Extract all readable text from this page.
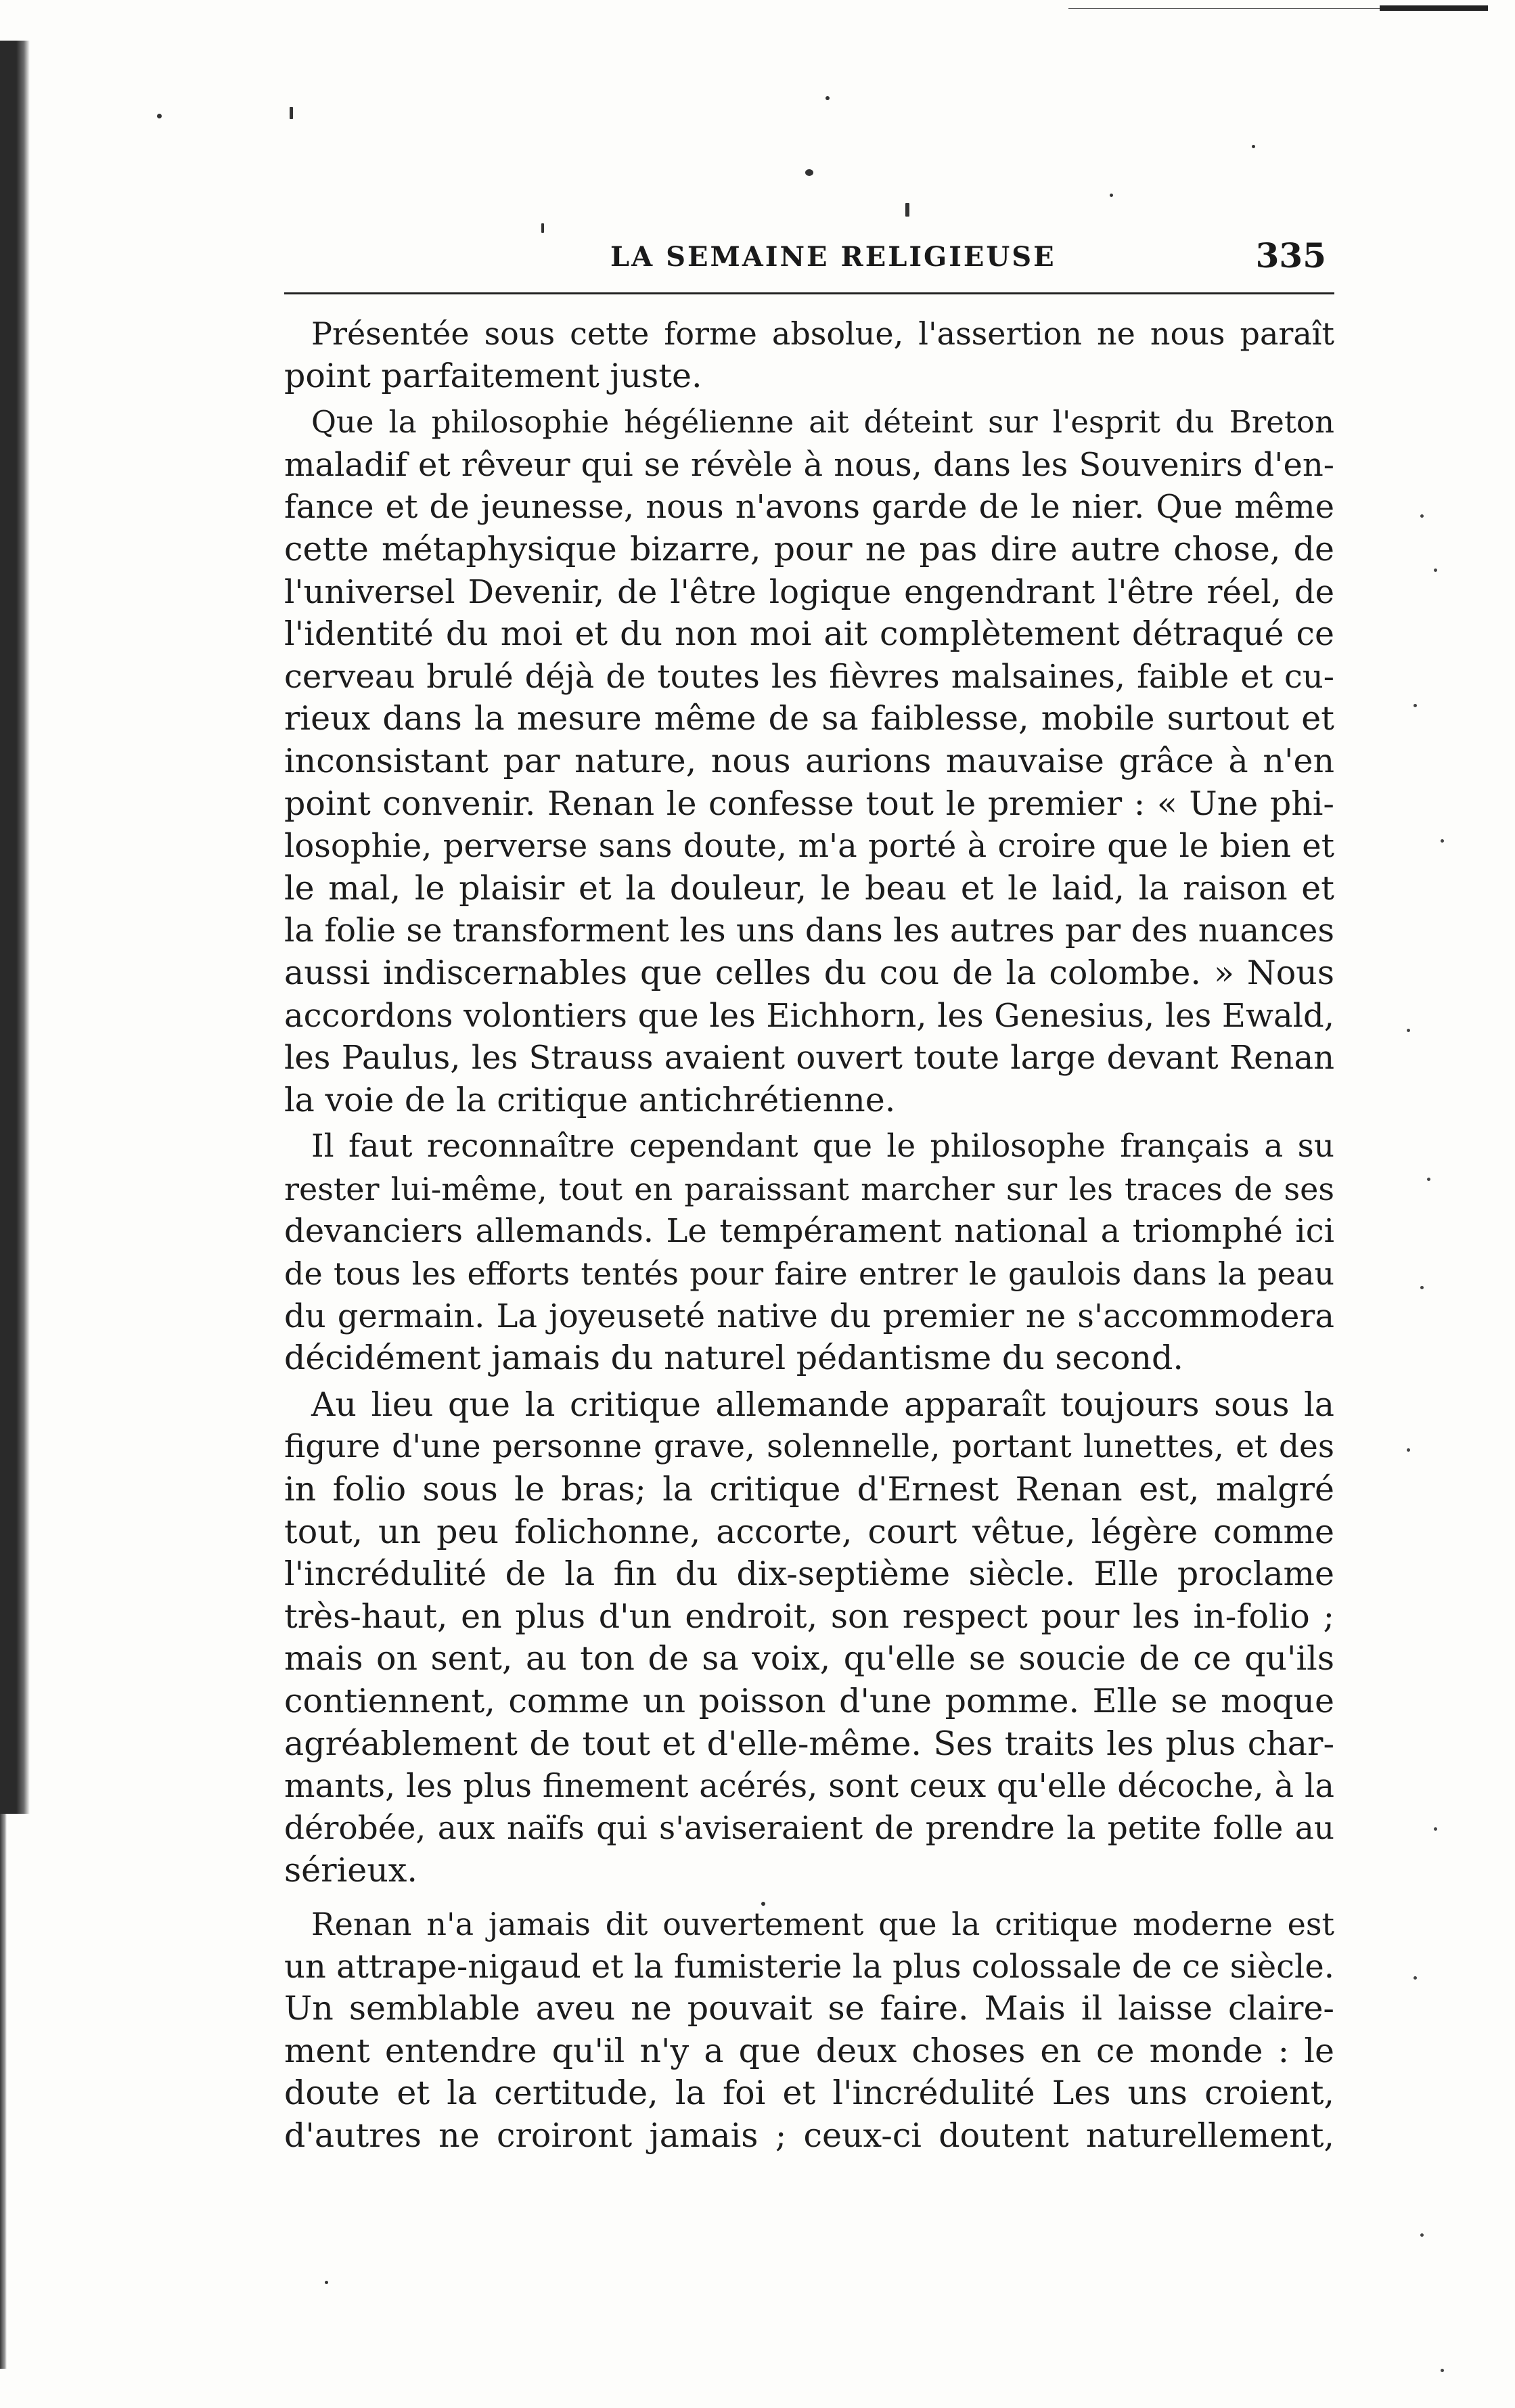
LA SEMAINE RELIGIEUSE	335
Présentée sous cette forme absolue, l'assertion ne nous paraît
point parfaitement juste.
Que la philosophie hégélienne ait déteint sur l'esprit du Breton
maladif et rêveur qui se révèle à nous, dans les Souvenirs d'en-
fance et de jeunesse, nous n'avons garde de le nier. Que même
cette métaphysique bizarre, pour ne pas dire autre chose, de
l'universel Devenir, de l'être logique engendrant l'être réel, de
l'identité du moi et du non moi ait complètement détraqué ce
cerveau brulé déjà de toutes les fièvres malsaines, faible et cu-
rieux dans la mesure même de sa faiblesse, mobile surtout et
inconsistant par nature, nous aurions mauvaise grâce à n'en
point convenir. Renan le confesse tout le premier : « Une phi-
losophie, perverse sans doute, m'a porté à croire que le bien et
le mal, le plaisir et la douleur, le beau et le laid, la raison et
la folie se transforment les uns dans les autres par des nuances
aussi indiscernables que celles du cou de la colombe. » Nous
accordons volontiers que les Eichhorn, les Genesius, les Ewald,
les Paulus, les Strauss avaient ouvert toute large devant Renan
la voie de la critique antichrétienne.
Il faut reconnaître cependant que le philosophe français a su
rester lui-même, tout en paraissant marcher sur les traces de ses
devanciers allemands. Le tempérament national a triomphé ici
de tous les efforts tentés pour faire entrer le gaulois dans la peau
du germain. La joyeuseté native du premier ne s'accommodera
décidément jamais du naturel pédantisme du second.
Au lieu que la critique allemande apparaît toujours sous la
figure d'une personne grave, solennelle, portant lunettes, et des
in folio sous le bras; la critique d'Ernest Renan est, malgré
tout, un peu folichonne, accorte, court vêtue, légère comme
l'incrédulité de la fin du dix-septième siècle. Elle proclame
très-haut, en plus d'un endroit, son respect pour les in-folio ;
mais on sent, au ton de sa voix, qu'elle se soucie de ce qu'ils
contiennent, comme un poisson d'une pomme. Elle se moque
agréablement de tout et d'elle-même. Ses traits les plus char-
mants, les plus finement acérés, sont ceux qu'elle décoche, à la
dérobée, aux naïfs qui s'aviseraient de prendre la petite folle au
sérieux.
Renan n'a jamais dit ouvertement que la critique moderne est
un attrape-nigaud et la fumisterie la plus colossale de ce siècle.
Un semblable aveu ne pouvait se faire. Mais il laisse claire-
ment entendre qu'il n'y a que deux choses en ce monde : le
doute et la certitude, la foi et l'incrédulité Les uns croient,
d'autres ne croiront jamais ; ceux-ci doutent naturellement,
